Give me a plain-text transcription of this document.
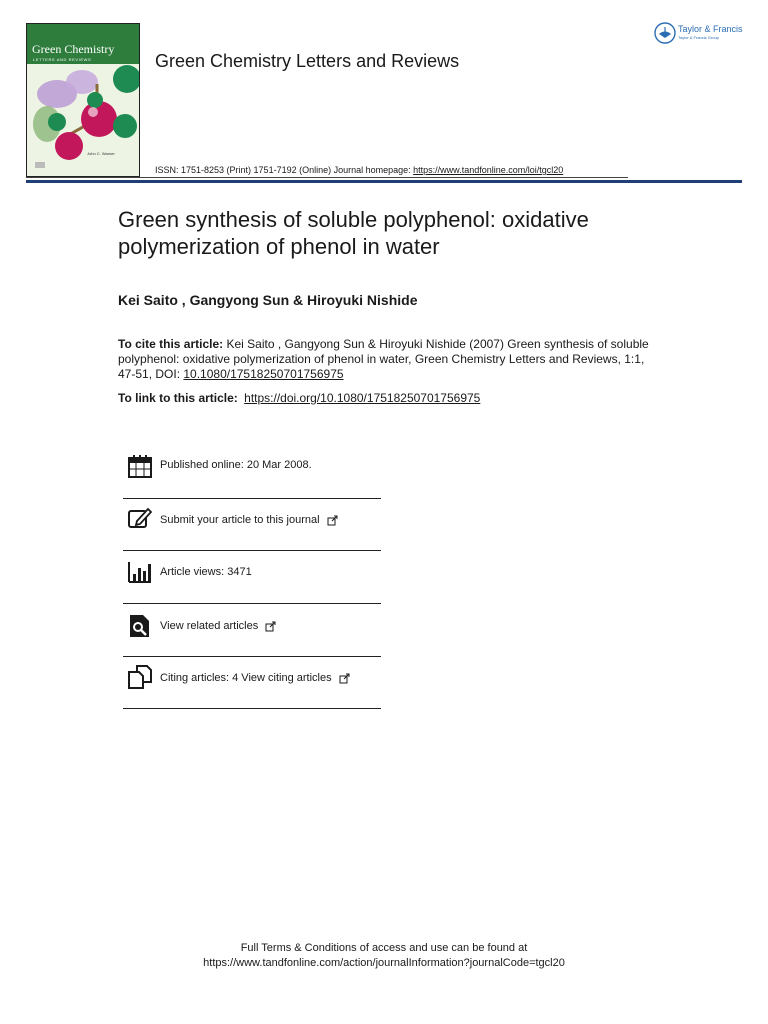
Green Chemistry
LETTERS AND REVIEWS
John C. Warner
Green Chemistry Letters and Reviews
Taylor & Francis
Taylor & Francis Group
ISSN: 1751-8253 (Print) 1751-7192 (Online) Journal homepage: https://www.tandfonline.com/loi/tgcl20
Green synthesis of soluble polyphenol: oxidative polymerization of phenol in water
Kei Saito , Gangyong Sun & Hiroyuki Nishide
To cite this article: Kei Saito , Gangyong Sun & Hiroyuki Nishide (2007) Green synthesis of soluble polyphenol: oxidative polymerization of phenol in water, Green Chemistry Letters and Reviews, 1:1, 47-51, DOI: 10.1080/17518250701756975
To link to this article: https://doi.org/10.1080/17518250701756975
Published online: 20 Mar 2008.
Submit your article to this journal
Article views: 3471
View related articles
Citing articles: 4 View citing articles
Full Terms & Conditions of access and use can be found at
https://www.tandfonline.com/action/journalInformation?journalCode=tgcl20
